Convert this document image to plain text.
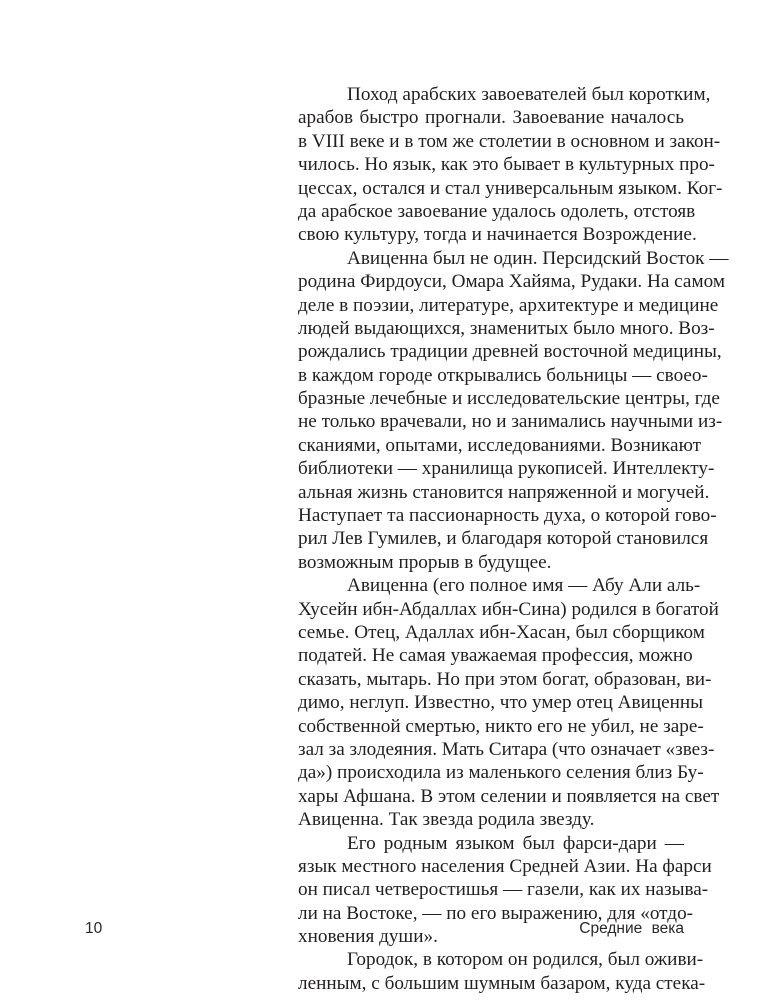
Поход арабских завоевателей был коротким,
арабов быстро прогнали. Завоевание началось
в VIII веке и в том же столетии в основном и закон-
чилось. Но язык, как это бывает в культурных про-
цессах, остался и стал универсальным языком. Ког-
да арабское завоевание удалось одолеть, отстояв
свою культуру, тогда и начинается Возрождение.
Авиценна был не один. Персидский Восток —
родина Фирдоуси, Омара Хайяма, Рудаки. На самом
деле в поэзии, литературе, архитектуре и медицине
людей выдающихся, знаменитых было много. Воз-
рождались традиции древней восточной медицины,
в каждом городе открывались больницы — своео-
бразные лечебные и исследовательские центры, где
не только врачевали, но и занимались научными из-
сканиями, опытами, исследованиями. Возникают
библиотеки — хранилища рукописей. Интеллекту-
альная жизнь становится напряженной и могучей.
Наступает та пассионарность духа, о которой гово-
рил Лев Гумилев, и благодаря которой становился
возможным прорыв в будущее.
Авиценна (его полное имя — Абу Али аль-
Хусейн ибн-Абдаллах ибн-Сина) родился в богатой
семье. Отец, Адаллах ибн-Хасан, был сборщиком
податей. Не самая уважаемая профессия, можно
сказать, мытарь. Но при этом богат, образован, ви-
димо, неглуп. Известно, что умер отец Авиценны
собственной смертью, никто его не убил, не заре-
зал за злодеяния. Мать Ситара (что означает «звез-
да») происходила из маленького селения близ Бу-
хары Афшана. В этом селении и появляется на свет
Авиценна. Так звезда родила звезду.
Его родным языком был фарси-дари —
язык местного населения Средней Азии. На фарси
он писал четверостишья — газели, как их называ-
ли на Востоке, — по его выражению, для «отдо-
хновения души».
Городок, в котором он родился, был оживи-
ленным, с большим шумным базаром, куда стека-
10	Средние века
